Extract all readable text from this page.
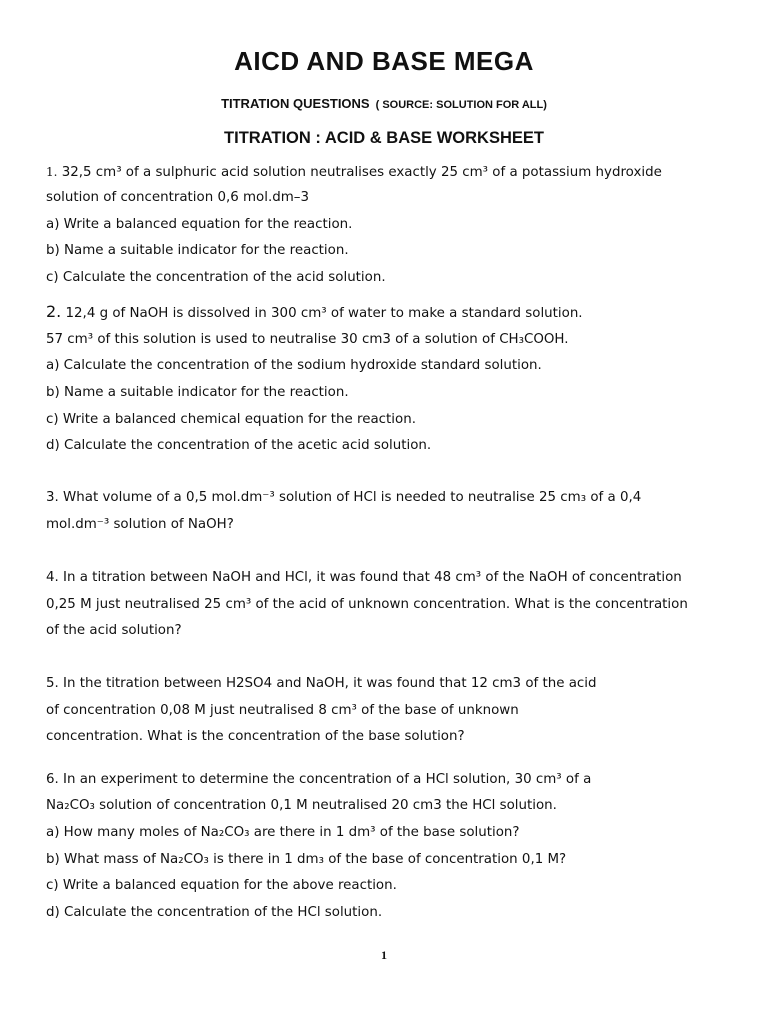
AICD AND BASE MEGA
TITRATION QUESTIONS ( SOURCE: SOLUTION FOR ALL)
TITRATION : ACID & BASE WORKSHEET
1. 32,5 cm³ of a sulphuric acid solution neutralises exactly 25 cm³ of a potassium hydroxide
solution of concentration 0,6 mol.dm–3
a) Write a balanced equation for the reaction.
b) Name a suitable indicator for the reaction.
c) Calculate the concentration of the acid solution.
2. 12,4 g of NaOH is dissolved in 300 cm³ of water to make a standard solution.
57 cm³ of this solution is used to neutralise 30 cm3 of a solution of CH₃COOH.
a) Calculate the concentration of the sodium hydroxide standard solution.
b) Name a suitable indicator for the reaction.
c) Write a balanced chemical equation for the reaction.
d) Calculate the concentration of the acetic acid solution.
3. What volume of a 0,5 mol.dm⁻³ solution of HCl is needed to neutralise 25 cm₃ of a 0,4
mol.dm⁻³ solution of NaOH?
4. In a titration between NaOH and HCl, it was found that 48 cm³ of the NaOH of concentration
0,25 M just neutralised 25 cm³ of the acid of unknown concentration. What is the concentration
of the acid solution?
5. In the titration between H2SO4 and NaOH, it was found that 12 cm3 of the acid
of concentration 0,08 M just neutralised 8 cm³ of the base of unknown
concentration. What is the concentration of the base solution?
6. In an experiment to determine the concentration of a HCl solution, 30 cm³ of a
Na₂CO₃ solution of concentration 0,1 M neutralised 20 cm3 the HCl solution.
a) How many moles of Na₂CO₃ are there in 1 dm³ of the base solution?
b) What mass of Na₂CO₃ is there in 1 dm₃ of the base of concentration 0,1 M?
c) Write a balanced equation for the above reaction.
d) Calculate the concentration of the HCl solution.
1
